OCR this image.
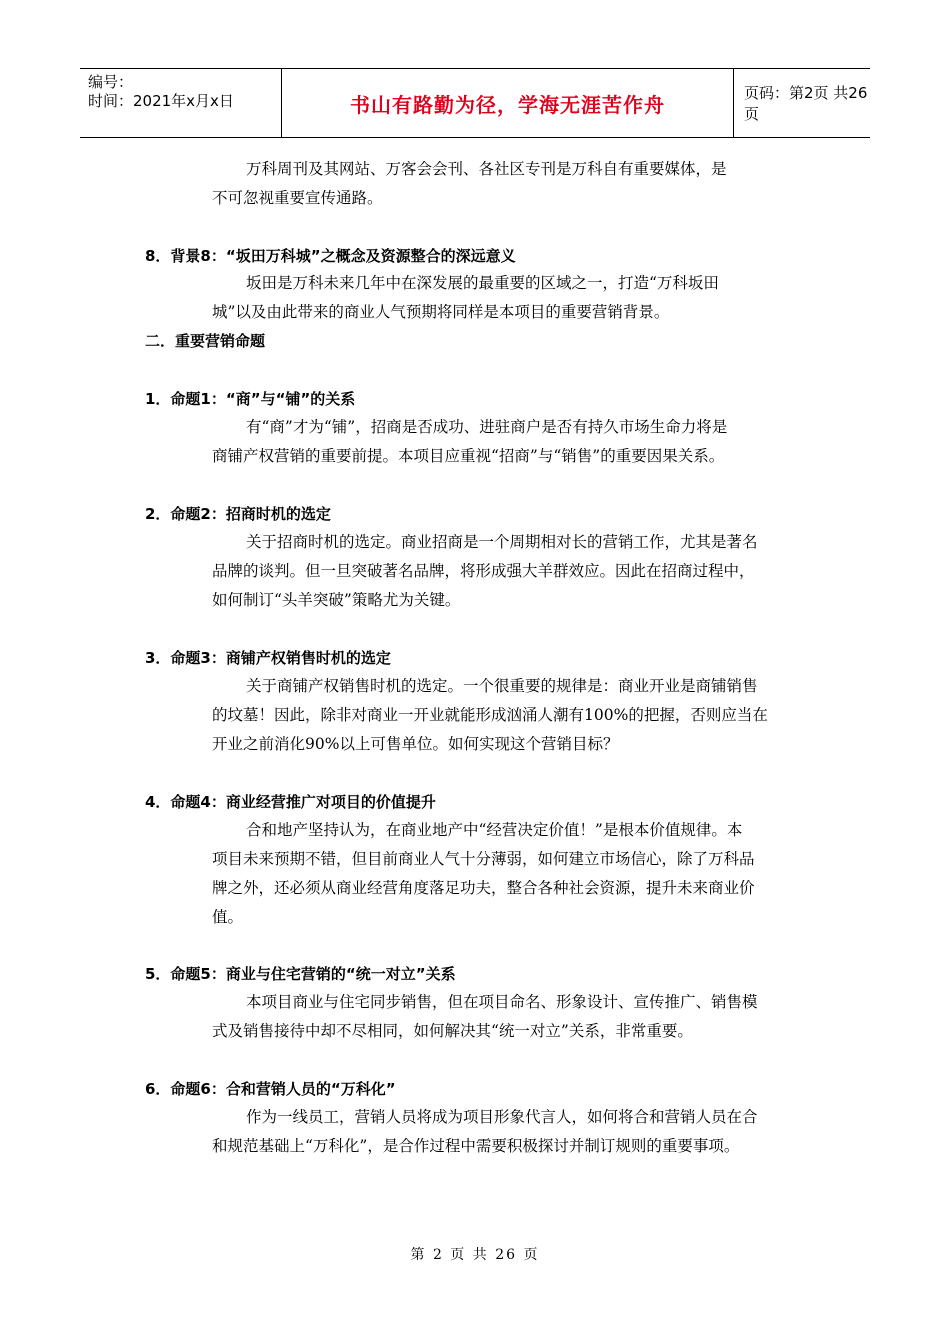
编号：
时间：2021年x月x日	书山有路勤为径，学海无涯苦作舟	页码：第2页 共26页
万科周刊及其网站、万客会会刊、各社区专刊是万科自有重要媒体，是
不可忽视重要宣传通路。
8．背景8：“坂田万科城”之概念及资源整合的深远意义
坂田是万科未来几年中在深发展的最重要的区域之一，打造“万科坂田
城”以及由此带来的商业人气预期将同样是本项目的重要营销背景。
二．重要营销命题
1．命题1：“商”与“铺”的关系
有“商”才为“铺”，招商是否成功、进驻商户是否有持久市场生命力将是
商铺产权营销的重要前提。本项目应重视“招商”与“销售”的重要因果关系。
2．命题2：招商时机的选定
关于招商时机的选定。商业招商是一个周期相对长的营销工作，尤其是著名
品牌的谈判。但一旦突破著名品牌，将形成强大羊群效应。因此在招商过程中，
如何制订“头羊突破”策略尤为关键。
3．命题3：商铺产权销售时机的选定
关于商铺产权销售时机的选定。一个很重要的规律是：商业开业是商铺销售
的坟墓！因此，除非对商业一开业就能形成汹涌人潮有100%的把握，否则应当在
开业之前消化90%以上可售单位。如何实现这个营销目标？
4．命题4：商业经营推广对项目的价值提升
合和地产坚持认为，在商业地产中“经营决定价值！”是根本价值规律。本
项目未来预期不错，但目前商业人气十分薄弱，如何建立市场信心，除了万科品
牌之外，还必须从商业经营角度落足功夫，整合各种社会资源，提升未来商业价
值。
5．命题5：商业与住宅营销的“统一对立”关系
本项目商业与住宅同步销售，但在项目命名、形象设计、宣传推广、销售模
式及销售接待中却不尽相同，如何解决其“统一对立”关系，非常重要。
6．命题6：合和营销人员的“万科化”
作为一线员工，营销人员将成为项目形象代言人，如何将合和营销人员在合
和规范基础上“万科化”，是合作过程中需要积极探讨并制订规则的重要事项。
第 2 页 共 26 页
